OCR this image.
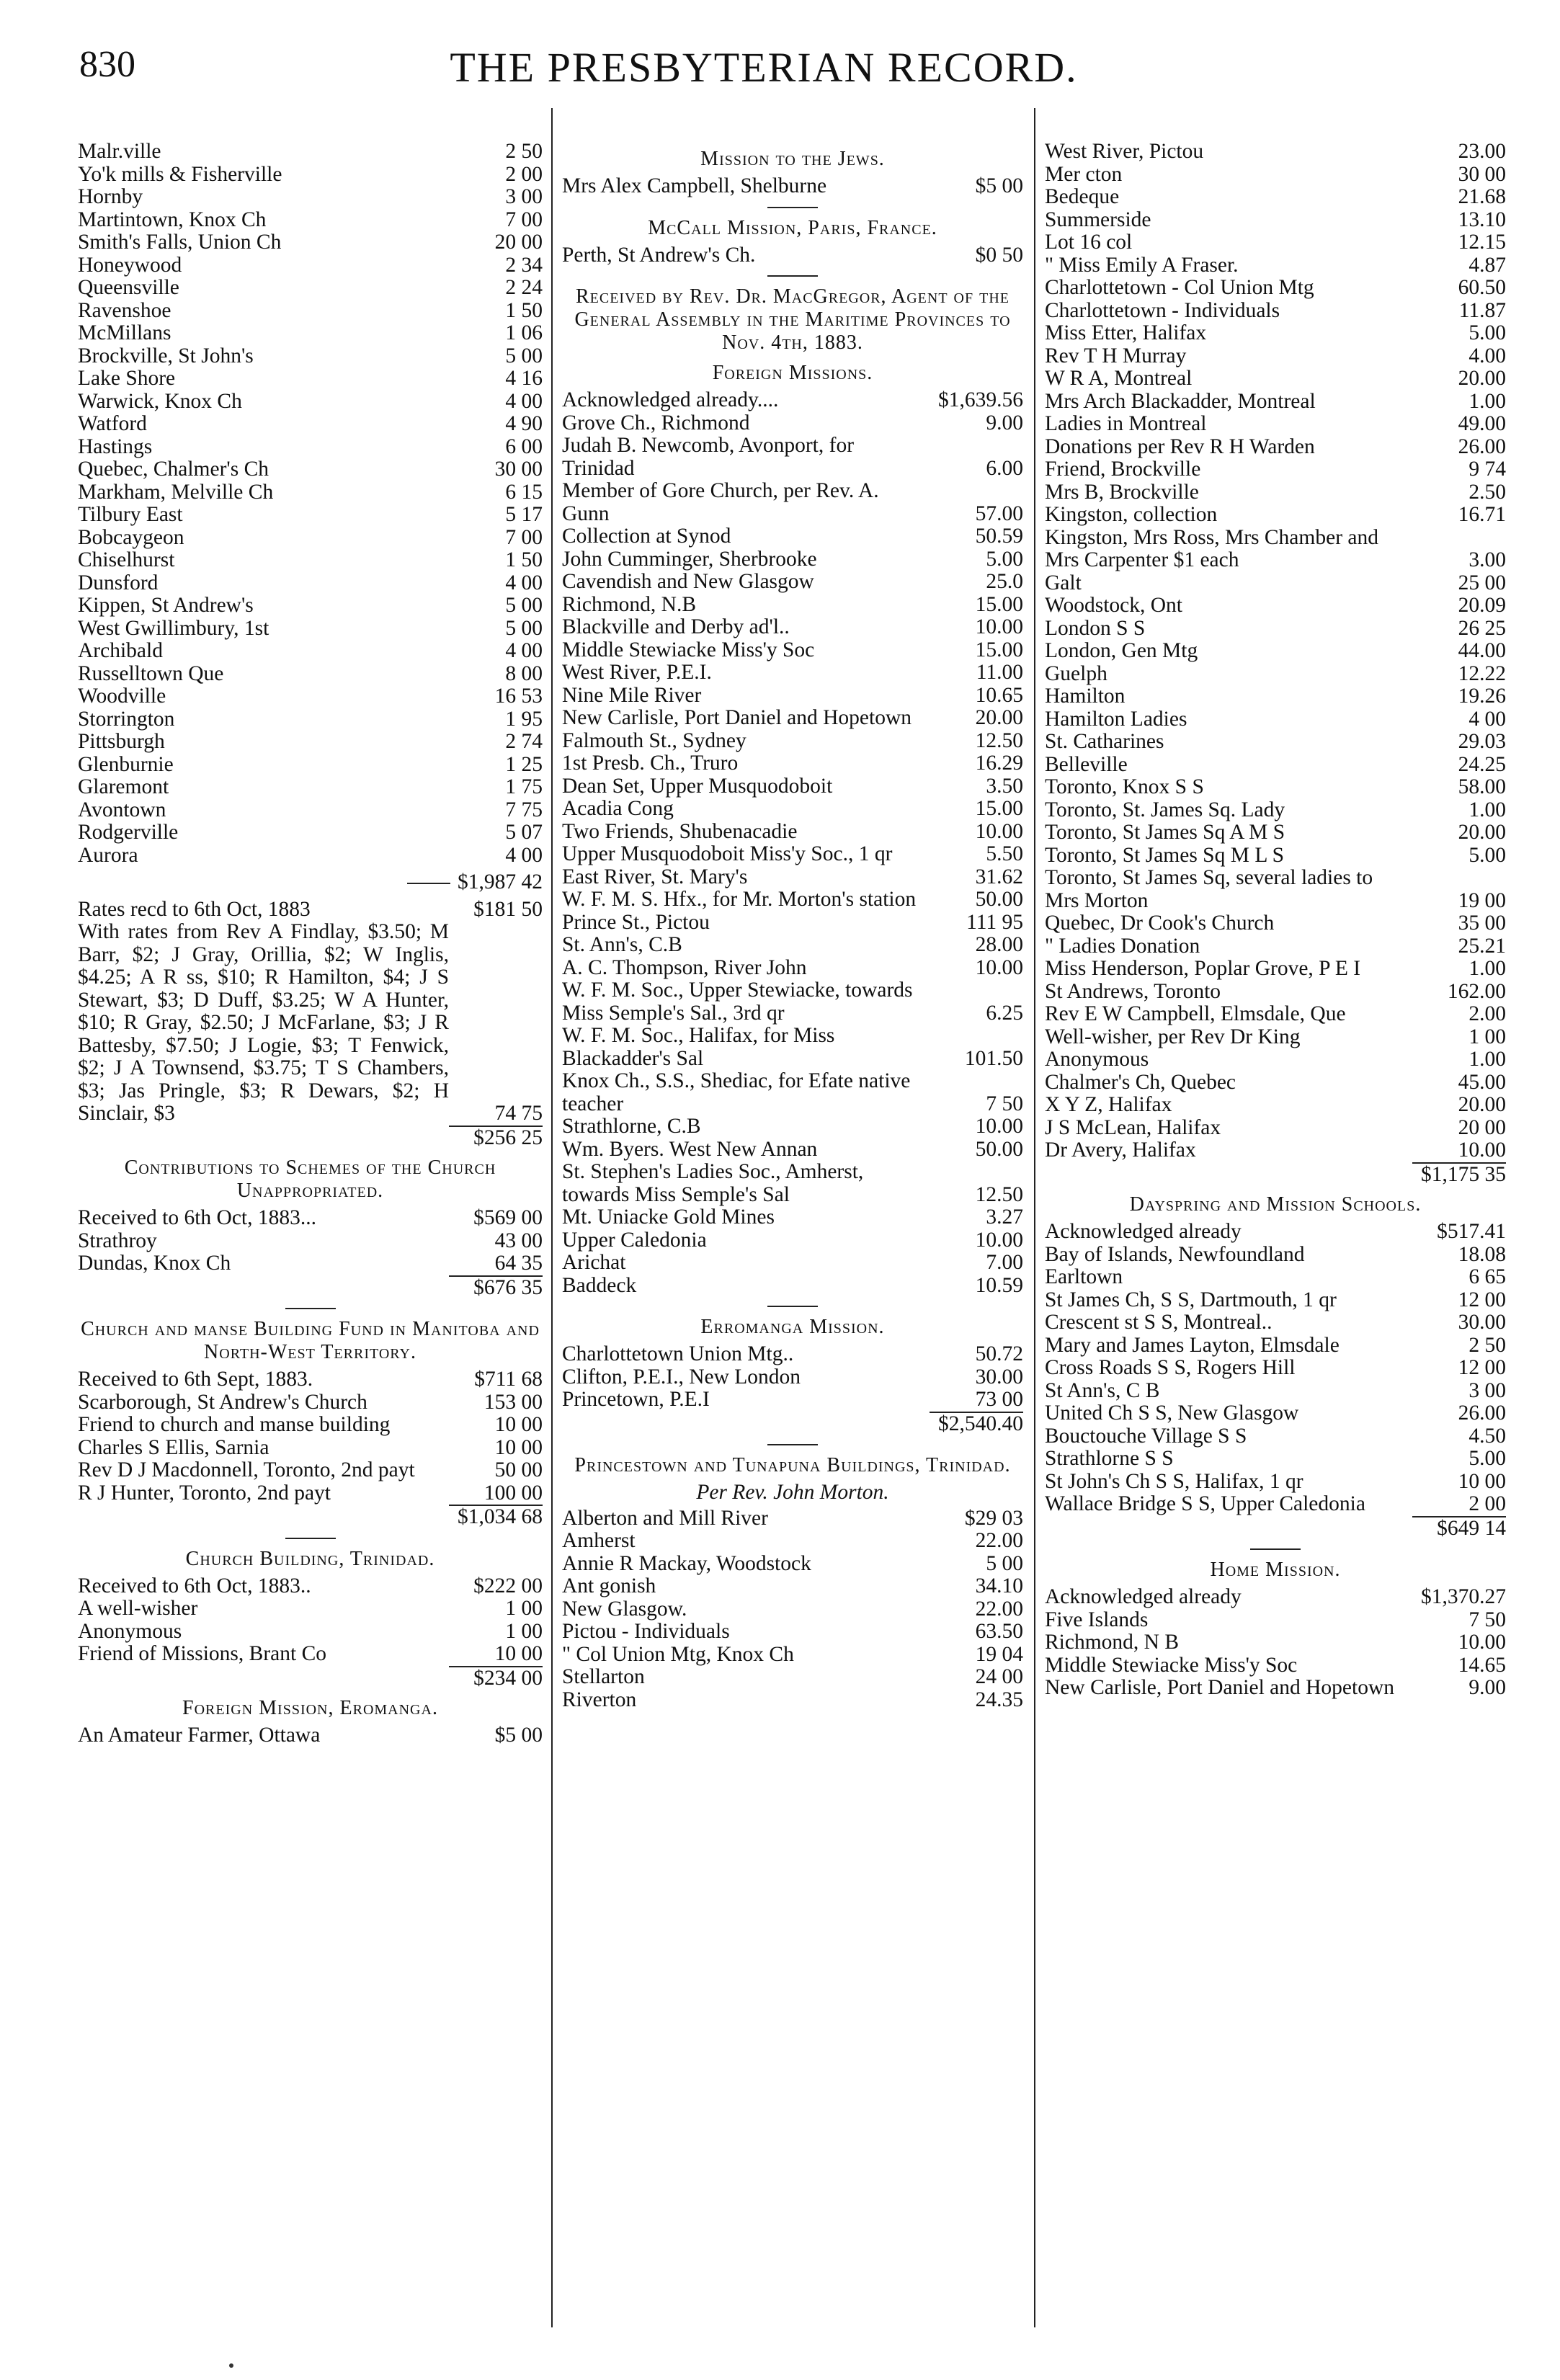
830	THE PRESBYTERIAN RECORD.
Malr.ville	2 50
Yo'k mills & Fisherville	2 00
Hornby	3 00
Martintown, Knox Ch	7 00
Smith's Falls, Union Ch	20 00
Honeywood	2 34
Queensville	2 24
Ravenshoe	1 50
McMillans	1 06
Brockville, St John's	5 00
Lake Shore	4 16
Warwick, Knox Ch	4 00
Watford	4 90
Hastings	6 00
Quebec, Chalmer's Ch	30 00
Markham, Melville Ch	6 15
Tilbury East	5 17
Bobcaygeon	7 00
Chiselhurst	1 50
Dunsford	4 00
Kippen, St Andrew's	5 00
West Gwillimbury, 1st	5 00
Archibald	4 00
Russelltown Que	8 00
Woodville	16 53
Storrington	1 95
Pittsburgh	2 74
Glenburnie	1 25
Glaremont	1 75
Avontown	7 75
Rodgerville	5 07
Aurora	4 00
$1,987 42
Rates recd to 6th Oct, 1883	$181 50
With rates from Rev A Findlay, $3.50; M Barr, $2; J Gray, Orillia, $2; W Inglis, $4.25; A R ss, $10; R Hamilton, $4; J S Stewart, $3; D Duff, $3.25; W A Hunter, $10; R Gray, $2.50; J McFarlane, $3; J R Battesby, $7.50; J Logie, $3; T Fenwick, $2; J A Townsend, $3.75; T S Chambers, $3; Jas Pringle, $3; R Dewars, $2; H Sinclair, $3	74 75
$256 25
Contributions to Schemes of the Church Unappropriated.
Received to 6th Oct, 1883...	$569 00
Strathroy	43 00
Dundas, Knox Ch	64 35
$676 35
Church and manse Building Fund in Manitoba and North-West Territory.
Received to 6th Sept, 1883.	$711 68
Scarborough, St Andrew's Church	153 00
Friend to church and manse building	10 00
Charles S Ellis, Sarnia	10 00
Rev D J Macdonnell, Toronto, 2nd payt	50 00
R J Hunter, Toronto, 2nd payt	100 00
$1,034 68
Church Building, Trinidad.
Received to 6th Oct, 1883..	$222 00
A well-wisher	1 00
Anonymous	1 00
Friend of Missions, Brant Co	10 00
$234 00
Foreign Mission, Eromanga.
An Amateur Farmer, Ottawa	$5 00
Mission to the Jews.
Mrs Alex Campbell, Shelburne	$5 00
McCall Mission, Paris, France.
Perth, St Andrew's Ch.	$0 50
Received by Rev. Dr. MacGregor, Agent of the General Assembly in the Maritime Provinces to Nov. 4th, 1883.
Foreign Missions.
Acknowledged already....	$1,639.56
Grove Ch., Richmond	9.00
Judah B. Newcomb, Avonport, for Trinidad	6.00
Member of Gore Church, per Rev. A. Gunn	57.00
Collection at Synod	50.59
John Cumminger, Sherbrooke	5.00
Cavendish and New Glasgow	25.0
Richmond, N.B	15.00
Blackville and Derby ad'l..	10.00
Middle Stewiacke Miss'y Soc	15.00
West River, P.E.I.	11.00
Nine Mile River	10.65
New Carlisle, Port Daniel and Hopetown	20.00
Falmouth St., Sydney	12.50
1st Presb. Ch., Truro	16.29
Dean Set, Upper Musquodoboit	3.50
Acadia Cong	15.00
Two Friends, Shubenacadie	10.00
Upper Musquodoboit Miss'y Soc., 1 qr	5.50
East River, St. Mary's	31.62
W. F. M. S. Hfx., for Mr. Morton's station	50.00
Prince St., Pictou	111 95
St. Ann's, C.B	28.00
A. C. Thompson, River John	10.00
W. F. M. Soc., Upper Stewiacke, towards Miss Semple's Sal., 3rd qr	6.25
W. F. M. Soc., Halifax, for Miss Blackadder's Sal	101.50
Knox Ch., S.S., Shediac, for Efate native teacher	7 50
Strathlorne, C.B	10.00
Wm. Byers. West New Annan	50.00
St. Stephen's Ladies Soc., Amherst, towards Miss Semple's Sal	12.50
Mt. Uniacke Gold Mines	3.27
Upper Caledonia	10.00
Arichat	7.00
Baddeck	10.59
Erromanga Mission.
Charlottetown Union Mtg..	50.72
Clifton, P.E.I., New London	30.00
Princetown, P.E.I	73 00
$2,540.40
Princestown and Tunapuna Buildings, Trinidad.
Per Rev. John Morton.
Alberton and Mill River	$29 03
Amherst	22.00
Annie R Mackay, Woodstock	5 00
Ant gonish	34.10
New Glasgow.	22.00
Pictou - Individuals	63.50
" Col Union Mtg, Knox Ch	19 04
Stellarton	24 00
Riverton	24.35
West River, Pictou	23.00
Mer cton	30 00
Bedeque	21.68
Summerside	13.10
Lot 16 col	12.15
" Miss Emily A Fraser.	4.87
Charlottetown - Col Union Mtg	60.50
Charlottetown - Individuals	11.87
Miss Etter, Halifax	5.00
Rev T H Murray	4.00
W R A, Montreal	20.00
Mrs Arch Blackadder, Montreal	1.00
Ladies in Montreal	49.00
Donations per Rev R H Warden	26.00
Friend, Brockville	9 74
Mrs B, Brockville	2.50
Kingston, collection	16.71
Kingston, Mrs Ross, Mrs Chamber and Mrs Carpenter $1 each	3.00
Galt	25 00
Woodstock, Ont	20.09
London S S	26 25
London, Gen Mtg	44.00
Guelph	12.22
Hamilton	19.26
Hamilton Ladies	4 00
St. Catharines	29.03
Belleville	24.25
Toronto, Knox S S	58.00
Toronto, St. James Sq. Lady	1.00
Toronto, St James Sq A M S	20.00
Toronto, St James Sq M L S	5.00
Toronto, St James Sq, several ladies to Mrs Morton	19 00
Quebec, Dr Cook's Church	35 00
" Ladies Donation	25.21
Miss Henderson, Poplar Grove, P E I	1.00
St Andrews, Toronto	162.00
Rev E W Campbell, Elmsdale, Que	2.00
Well-wisher, per Rev Dr King	1 00
Anonymous	1.00
Chalmer's Ch, Quebec	45.00
X Y Z, Halifax	20.00
J S McLean, Halifax	20 00
Dr Avery, Halifax	10.00
$1,175 35
Dayspring and Mission Schools.
Acknowledged already	$517.41
Bay of Islands, Newfoundland	18.08
Earltown	6 65
St James Ch, S S, Dartmouth, 1 qr	12 00
Crescent st S S, Montreal..	30.00
Mary and James Layton, Elmsdale	2 50
Cross Roads S S, Rogers Hill	12 00
St Ann's, C B	3 00
United Ch S S, New Glasgow	26.00
Bouctouche Village S S	4.50
Strathlorne S S	5.00
St John's Ch S S, Halifax, 1 qr	10 00
Wallace Bridge S S, Upper Caledonia	2 00
$649 14
Home Mission.
Acknowledged already	$1,370.27
Five Islands	7 50
Richmond, N B	10.00
Middle Stewiacke Miss'y Soc	14.65
New Carlisle, Port Daniel and Hopetown	9.00
